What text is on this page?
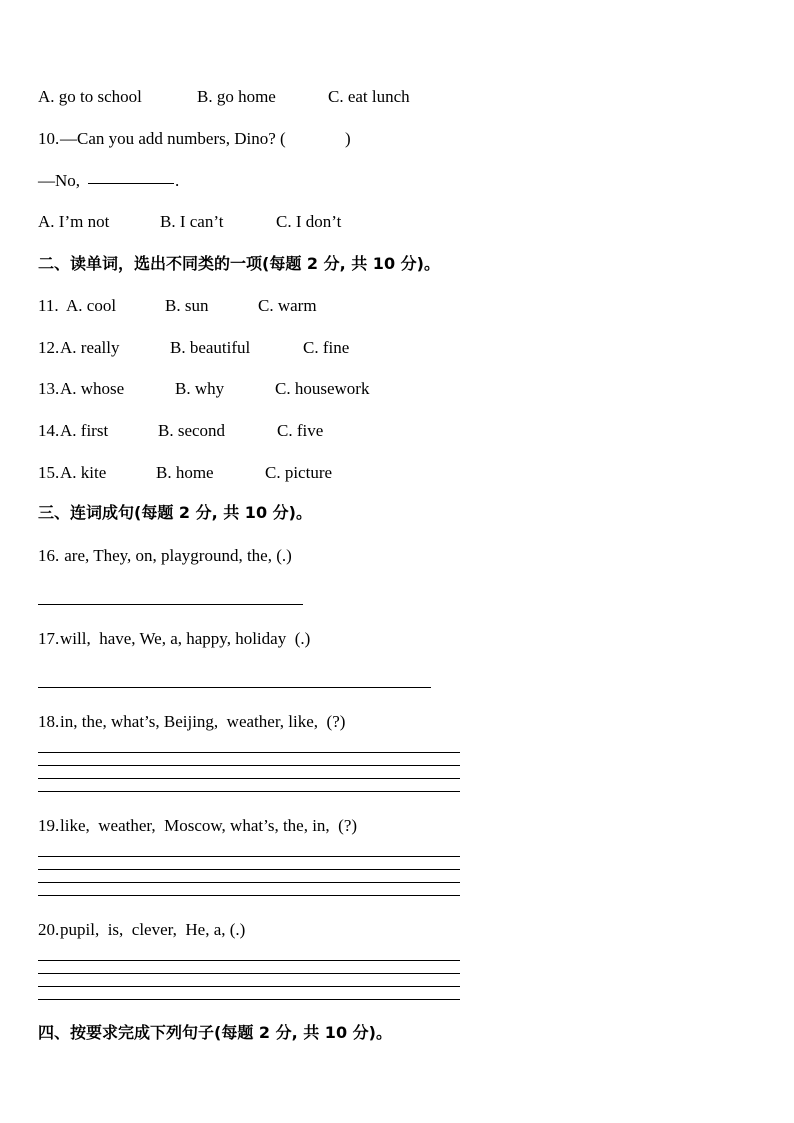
A. go to school

	B. go home

	C. eat lunch

10.

—Can you add numbers, Dino? (

	)

—No,

	.

A. I’m not

	B. I can’t

	C. I don’t

二、读单词，选出不同类的一项(每题 2 分, 共 10 分)。

11.

A. cool

	B. sun

	C. warm

12.

A. really

	B. beautiful

	C. fine

13.

A. whose

	B. why

	C. housework

14.

A. first

	B. second

	C. five

15.

A. kite

	B. home

	C. picture

三、连词成句(每题 2 分, 共 10 分)。

16.

are, They, on, playground, the, (.)

17.

will,  have, We, a, happy, holiday  (.)

18.

in, the, what’s, Beijing,  weather, like,  (?)

19.

like,  weather,  Moscow, what’s, the, in,  (?)

20.

pupil,  is,  clever,  He, a, (.)

四、按要求完成下列句子(每题 2 分, 共 10 分)。
